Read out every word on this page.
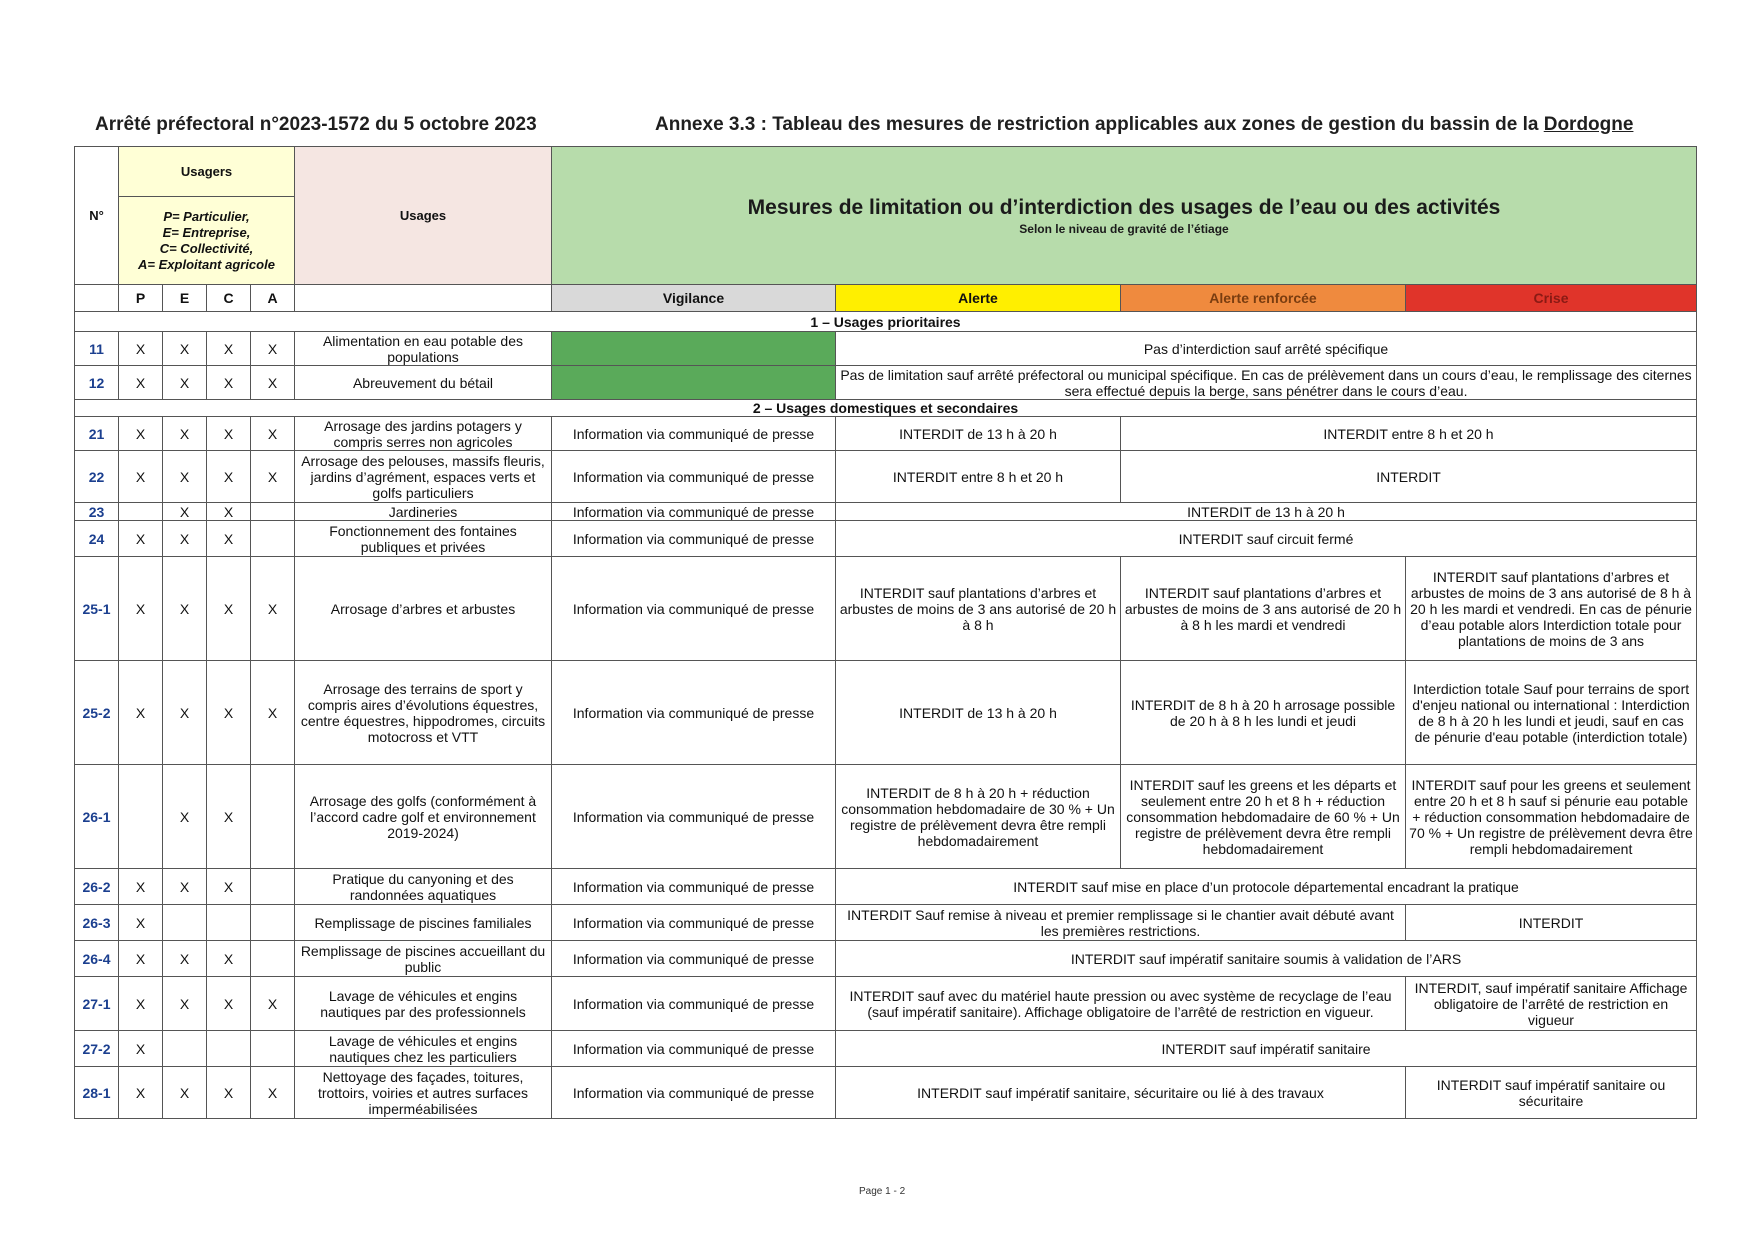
Arrêté préfectoral n°2023-1572 du 5 octobre 2023	Annexe 3.3 : Tableau des mesures de restriction applicables aux zones de gestion du bassin de la Dordogne
N°	Usagers				Usages	Mesures de limitation ou d’interdiction des usages de l’eau ou des activités
Selon le niveau de gravité de l’étiage			

	P= Particulier,
E= Entreprise,
C= Collectivité,
A= Exploitant agricole								

	P	E	C	A		Vigilance	Alerte	Alerte renforcée	Crise
1 – Usages prioritaires									
11	X	X	X	X	Alimentation en eau potable des populations		Pas d’interdiction sauf arrêté spécifique		
12	X	X	X	X	Abreuvement du bétail		Pas de limitation sauf arrêté préfectoral ou municipal spécifique. En cas de prélèvement dans un cours d’eau, le remplissage des citernes sera effectué depuis la berge, sans pénétrer dans le cours d’eau.		
2 – Usages domestiques et secondaires									
21	X	X	X	X	Arrosage des jardins potagers y compris serres non agricoles	Information via communiqué de presse	INTERDIT de 13 h à 20 h	INTERDIT entre 8 h et 20 h	
22	X	X	X	X	Arrosage des pelouses, massifs fleuris, jardins d’agrément, espaces verts et golfs particuliers	Information via communiqué de presse	INTERDIT entre 8 h et 20 h	INTERDIT	
23		X	X		Jardineries	Information via communiqué de presse	INTERDIT de 13 h à 20 h		
24	X	X	X		Fonctionnement des fontaines publiques et privées	Information via communiqué de presse	INTERDIT sauf circuit fermé		
25-1	X	X	X	X	Arrosage d’arbres et arbustes	Information via communiqué de presse	INTERDIT sauf plantations d’arbres et arbustes de moins de 3 ans autorisé de 20 h à 8 h	INTERDIT sauf plantations d’arbres et arbustes de moins de 3 ans autorisé de 20 h à 8 h les mardi et vendredi	INTERDIT sauf plantations d’arbres et arbustes de moins de 3 ans autorisé de 8 h à 20 h les mardi et vendredi. En cas de pénurie d’eau potable alors Interdiction totale pour plantations de moins de 3 ans
25-2	X	X	X	X	Arrosage des terrains de sport y compris aires d’évolutions équestres, centre équestres, hippodromes, circuits motocross et VTT	Information via communiqué de presse	INTERDIT de 13 h à 20 h	INTERDIT de 8 h à 20 h arrosage possible de 20 h à 8 h les lundi et jeudi	Interdiction totale Sauf pour terrains de sport d'enjeu national ou international : Interdiction de 8 h à 20 h les lundi et jeudi, sauf en cas de pénurie d'eau potable (interdiction totale)
26-1		X	X		Arrosage des golfs (conformément à l’accord cadre golf et environnement 2019-2024)	Information via communiqué de presse	INTERDIT de 8 h à 20 h + réduction consommation hebdomadaire de 30 % + Un registre de prélèvement devra être rempli hebdomadairement	INTERDIT sauf les greens et les départs et seulement entre 20 h et 8 h + réduction consommation hebdomadaire de 60 % + Un registre de prélèvement devra être rempli hebdomadairement	INTERDIT sauf pour les greens et seulement entre 20 h et 8 h sauf si pénurie eau potable + réduction consommation hebdomadaire de 70 % + Un registre de prélèvement devra être rempli hebdomadairement
26-2	X	X	X		Pratique du canyoning et des randonnées aquatiques	Information via communiqué de presse	INTERDIT sauf mise en place d’un protocole départemental encadrant la pratique		
26-3	X				Remplissage de piscines familiales	Information via communiqué de presse	INTERDIT Sauf remise à niveau et premier remplissage si le chantier avait débuté avant les premières restrictions.		INTERDIT
26-4	X	X	X		Remplissage de piscines accueillant du public	Information via communiqué de presse	INTERDIT sauf impératif sanitaire soumis à validation de l’ARS		
27-1	X	X	X	X	Lavage de véhicules et engins nautiques par des professionnels	Information via communiqué de presse	INTERDIT sauf avec du matériel haute pression ou avec système de recyclage de l’eau (sauf impératif sanitaire). Affichage obligatoire de l’arrêté de restriction en vigueur.		INTERDIT, sauf impératif sanitaire Affichage obligatoire de l’arrêté de restriction en vigueur
27-2	X				Lavage de véhicules et engins nautiques chez les particuliers	Information via communiqué de presse	INTERDIT sauf impératif sanitaire		
28-1	X	X	X	X	Nettoyage des façades, toitures, trottoirs, voiries et autres surfaces imperméabilisées	Information via communiqué de presse	INTERDIT sauf impératif sanitaire, sécuritaire ou lié à des travaux		INTERDIT sauf impératif sanitaire ou sécuritaire
Page 1 - 2
